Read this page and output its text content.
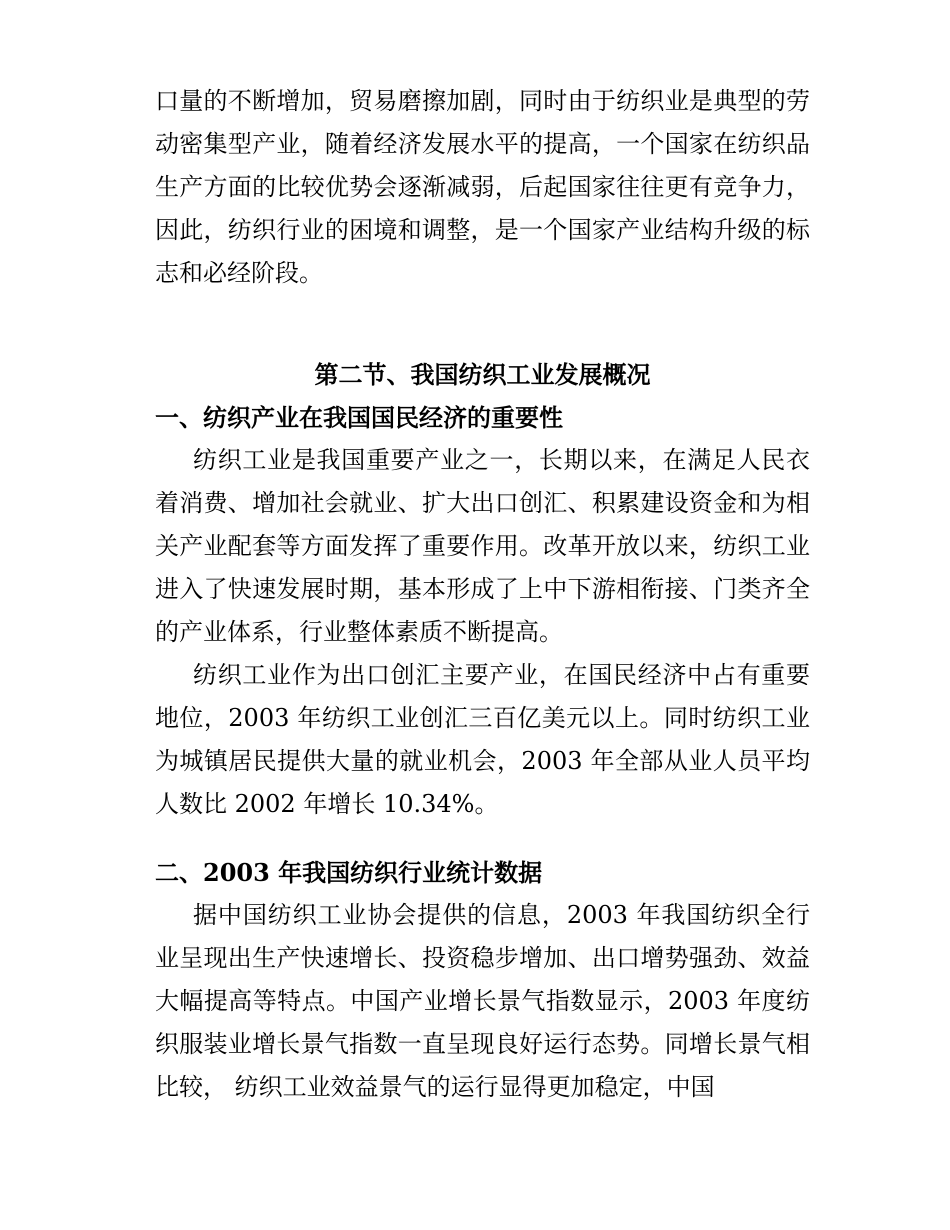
口量的不断增加，贸易磨擦加剧，同时由于纺织业是典型的劳动密集型产业，随着经济发展水平的提高，一个国家在纺织品生产方面的比较优势会逐渐减弱，后起国家往往更有竞争力，因此，纺织行业的困境和调整，是一个国家产业结构升级的标志和必经阶段。

第二节、我国纺织工业发展概况

一、纺织产业在我国国民经济的重要性

纺织工业是我国重要产业之一，长期以来，在满足人民衣着消费、增加社会就业、扩大出口创汇、积累建设资金和为相关产业配套等方面发挥了重要作用。改革开放以来，纺织工业进入了快速发展时期，基本形成了上中下游相衔接、门类齐全的产业体系，行业整体素质不断提高。

纺织工业作为出口创汇主要产业，在国民经济中占有重要地位，2003 年纺织工业创汇三百亿美元以上。同时纺织工业为城镇居民提供大量的就业机会，2003 年全部从业人员平均人数比 2002 年增长 10.34%。

二、2003 年我国纺织行业统计数据

据中国纺织工业协会提供的信息，2003 年我国纺织全行业呈现出生产快速增长、投资稳步增加、出口增势强劲、效益大幅提高等特点。中国产业增长景气指数显示，2003 年度纺织服装业增长景气指数一直呈现良好运行态势。同增长景气相比较， 纺织工业效益景气的运行显得更加稳定，中国
